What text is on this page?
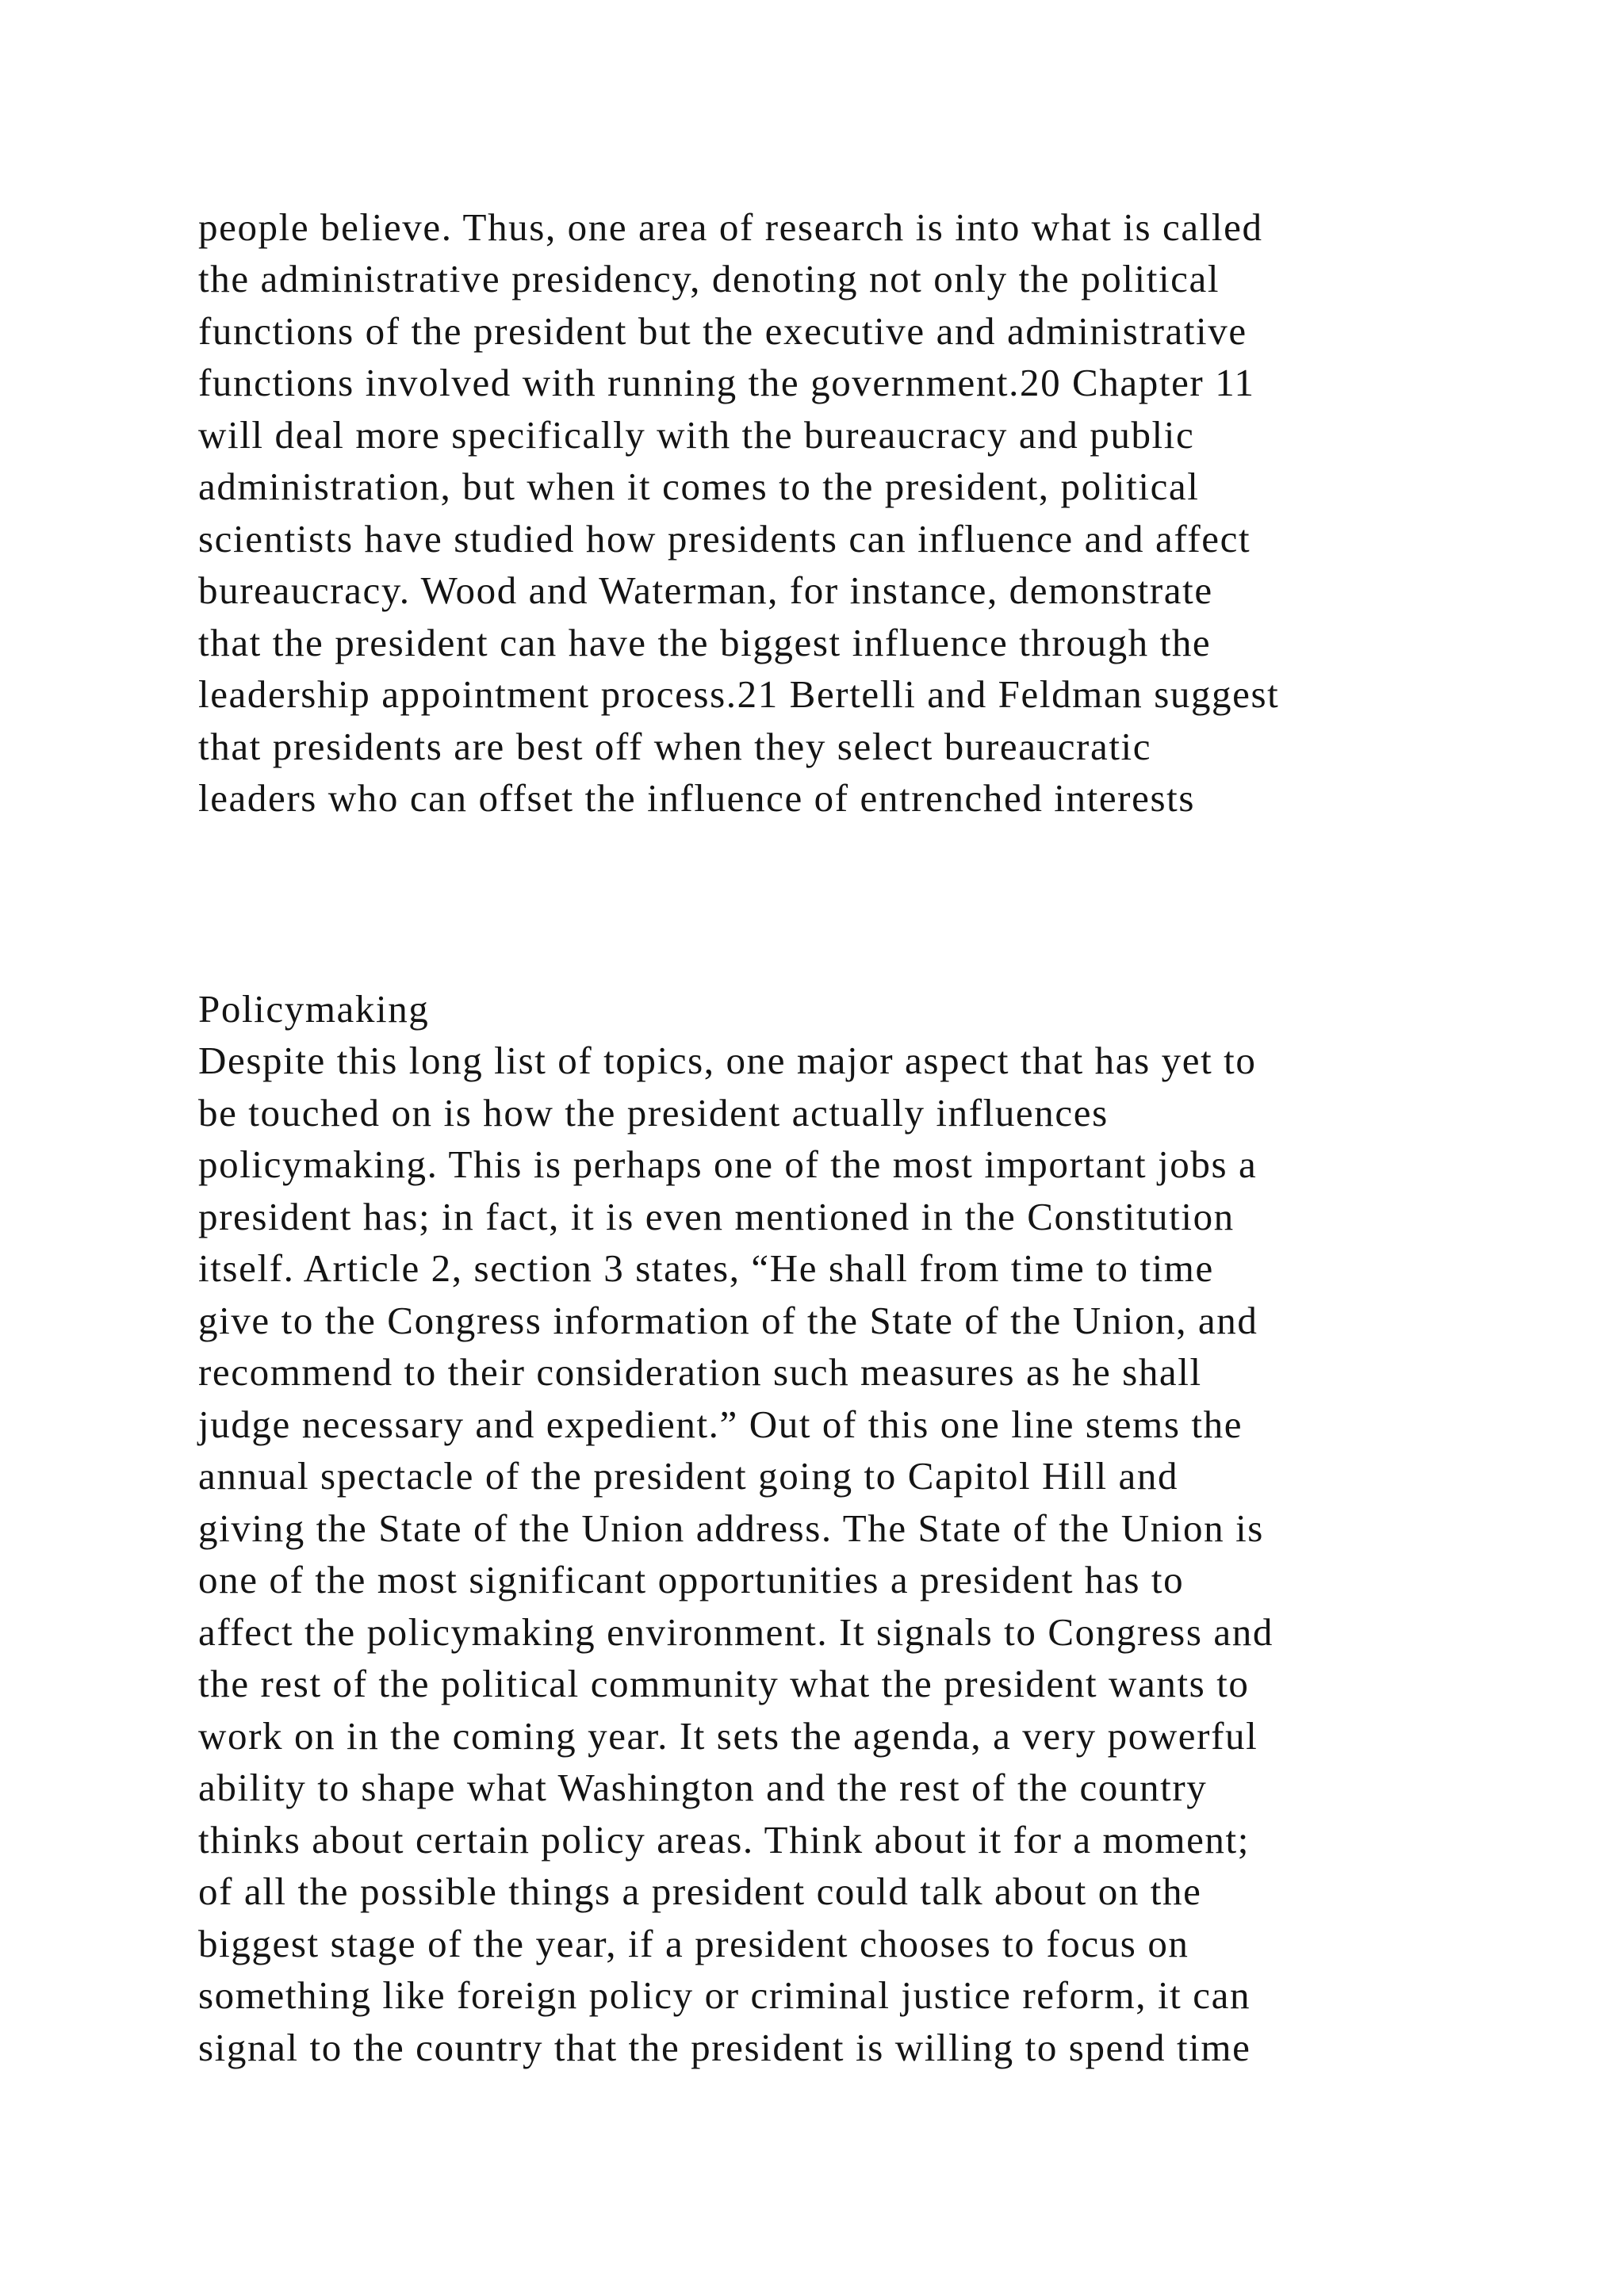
people believe. Thus, one area of research is into what is called
the administrative presidency, denoting not only the political
functions of the president but the executive and administrative
functions involved with running the government.20 Chapter 11
will deal more specifically with the bureaucracy and public
administration, but when it comes to the president, political
scientists have studied how presidents can influence and affect
bureaucracy. Wood and Waterman, for instance, demonstrate
that the president can have the biggest influence through the
leadership appointment process.21 Bertelli and Feldman suggest
that presidents are best off when they select bureaucratic
leaders who can offset the influence of entrenched interests
Policymaking
Despite this long list of topics, one major aspect that has yet to
be touched on is how the president actually influences
policymaking. This is perhaps one of the most important jobs a
president has; in fact, it is even mentioned in the Constitution
itself. Article 2, section 3 states, “He shall from time to time
give to the Congress information of the State of the Union, and
recommend to their consideration such measures as he shall
judge necessary and expedient.” Out of this one line stems the
annual spectacle of the president going to Capitol Hill and
giving the State of the Union address. The State of the Union is
one of the most significant opportunities a president has to
affect the policymaking environment. It signals to Congress and
the rest of the political community what the president wants to
work on in the coming year. It sets the agenda, a very powerful
ability to shape what Washington and the rest of the country
thinks about certain policy areas. Think about it for a moment;
of all the possible things a president could talk about on the
biggest stage of the year, if a president chooses to focus on
something like foreign policy or criminal justice reform, it can
signal to the country that the president is willing to spend time
